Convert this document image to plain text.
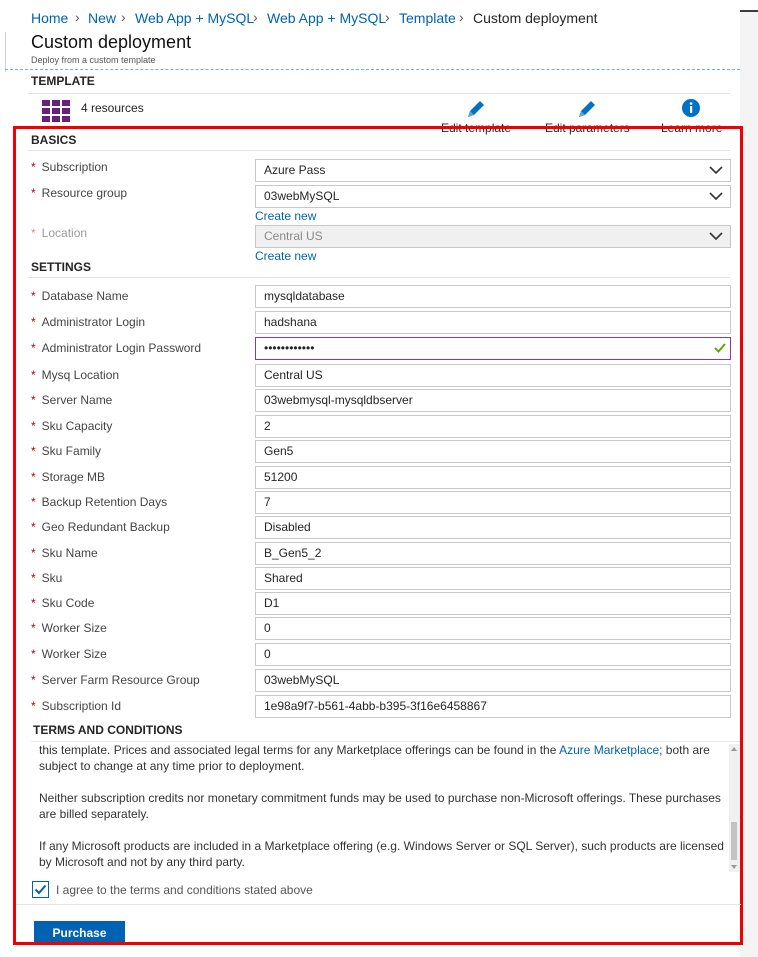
Home › New › Web App + MySQL
› Web App + MySQL
› Template › Custom deployment
Custom deployment
Deploy from a custom template
TEMPLATE
4 resources
Edit template	Edit parameters	Learn more
BASICS
* Subscription	Azure Pass
* Resource group	03webMySQL
Create new
* Location	Central US
Create new
SETTINGS
* Database Name	mysqldatabase
* Administrator Login	hadshana
* Administrator Login Password	••••••••••••
* Mysq Location	Central US
* Server Name	03webmysql-mysqldbserver
* Sku Capacity	2
* Sku Family	Gen5
* Storage MB	51200
* Backup Retention Days	7
* Geo Redundant Backup	Disabled
* Sku Name	B_Gen5_2
* Sku	Shared
* Sku Code	D1
* Worker Size	0
* Worker Size	0
* Server Farm Resource Group	03webMySQL
* Subscription Id	1e98a9f7-b561-4abb-b395-3f16e6458867
TERMS AND CONDITIONS

this template. Prices and associated legal terms for any Marketplace offerings can be found in the Azure Marketplace; both are subject to change at any time prior to deployment.

Neither subscription credits nor monetary commitment funds may be used to purchase non-Microsoft offerings. These purchases are billed separately.

If any Microsoft products are included in a Marketplace offering (e.g. Windows Server or SQL Server), such products are licensed by Microsoft and not by any third party.

I agree to the terms and conditions stated above
Purchase
